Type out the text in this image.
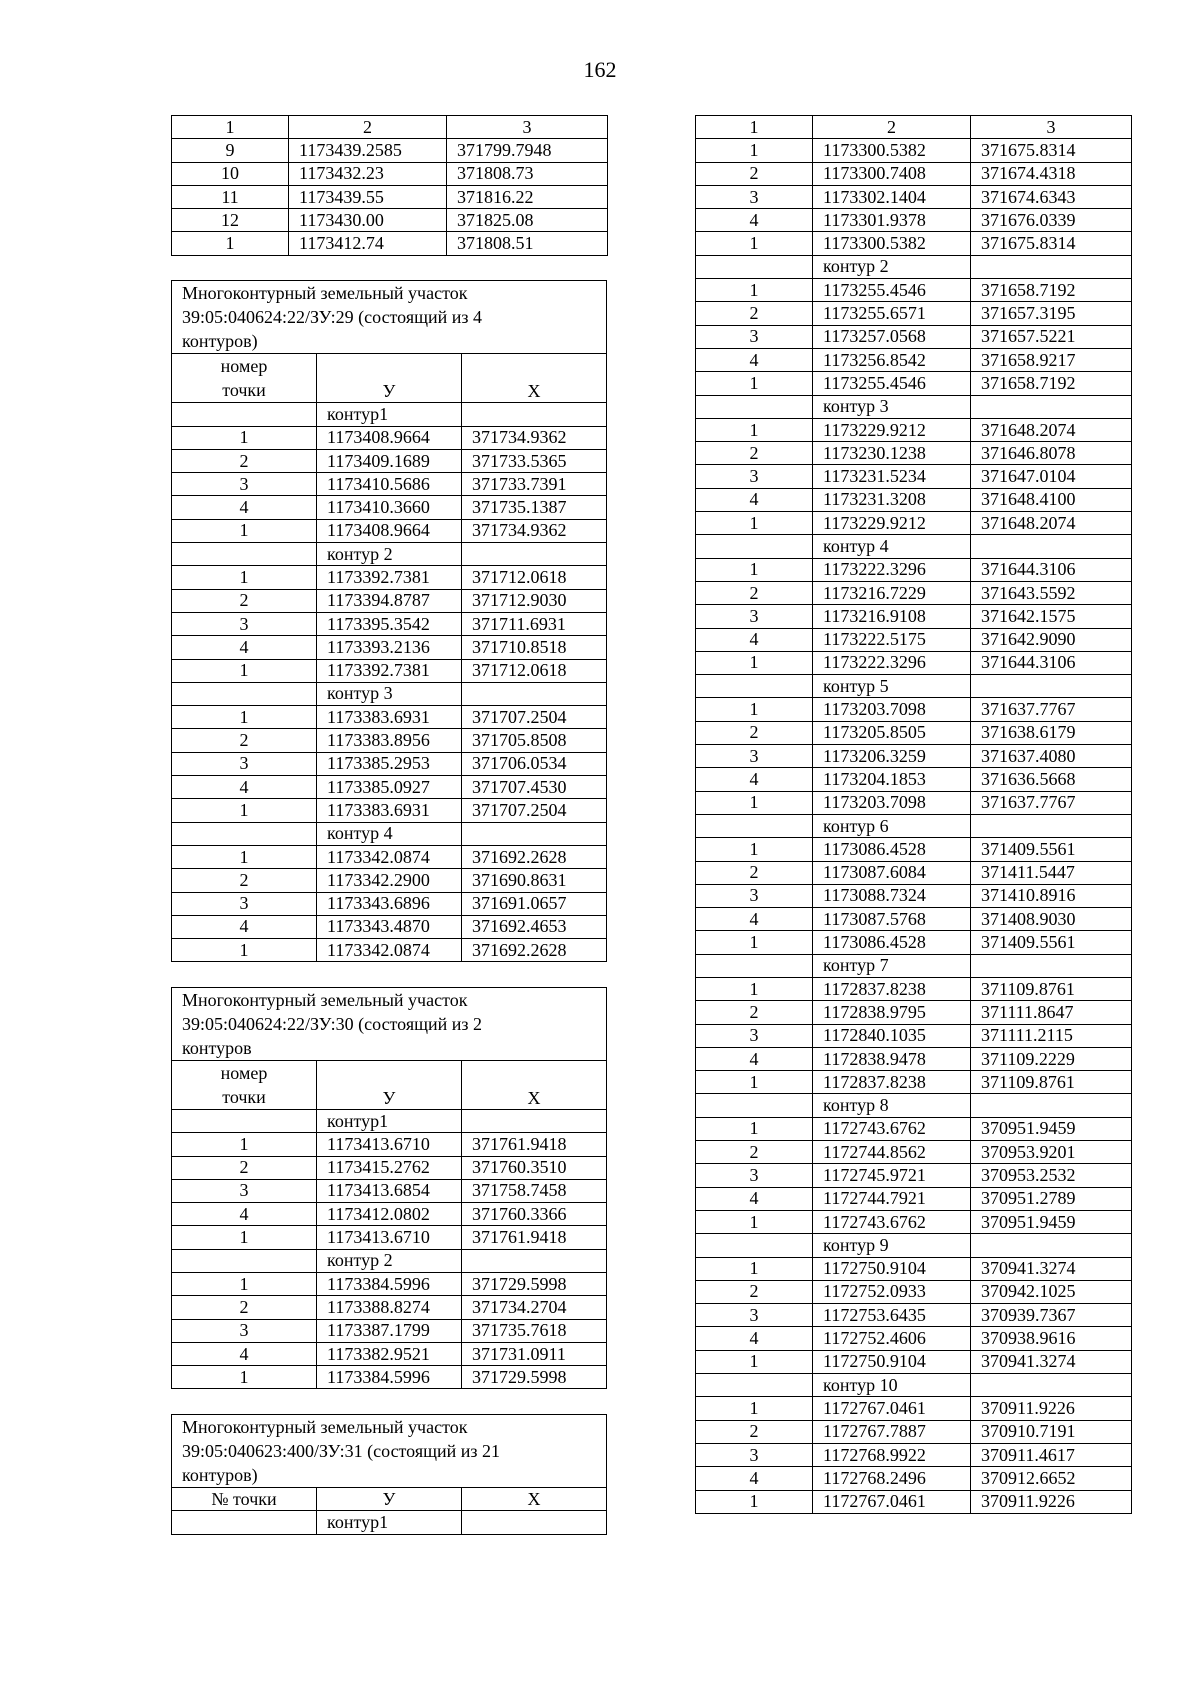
162
1	2	3
9	1173439.2585	371799.7948
10	1173432.23	371808.73
11	1173439.55	371816.22
12	1173430.00	371825.08
1	1173412.74	371808.51
Многоконтурный земельный участок
39:05:040624:22/ЗУ:29 (состоящий из 4
контуров)		

номер
точки	У	Х
	контур1	
1	1173408.9664	371734.9362
2	1173409.1689	371733.5365
3	1173410.5686	371733.7391
4	1173410.3660	371735.1387
1	1173408.9664	371734.9362
	контур 2	
1	1173392.7381	371712.0618
2	1173394.8787	371712.9030
3	1173395.3542	371711.6931
4	1173393.2136	371710.8518
1	1173392.7381	371712.0618
	контур 3	
1	1173383.6931	371707.2504
2	1173383.8956	371705.8508
3	1173385.2953	371706.0534
4	1173385.0927	371707.4530
1	1173383.6931	371707.2504
	контур 4	
1	1173342.0874	371692.2628
2	1173342.2900	371690.8631
3	1173343.6896	371691.0657
4	1173343.4870	371692.4653
1	1173342.0874	371692.2628
Многоконтурный земельный участок
39:05:040624:22/ЗУ:30 (состоящий из 2
контуров		

номер
точки	У	Х
	контур1	
1	1173413.6710	371761.9418
2	1173415.2762	371760.3510
3	1173413.6854	371758.7458
4	1173412.0802	371760.3366
1	1173413.6710	371761.9418
	контур 2	
1	1173384.5996	371729.5998
2	1173388.8274	371734.2704
3	1173387.1799	371735.7618
4	1173382.9521	371731.0911
1	1173384.5996	371729.5998
Многоконтурный земельный участок
39:05:040623:400/ЗУ:31 (состоящий из 21
контуров)		

№ точки	У	Х
	контур1	
1	2	3
1	1173300.5382	371675.8314
2	1173300.7408	371674.4318
3	1173302.1404	371674.6343
4	1173301.9378	371676.0339
1	1173300.5382	371675.8314
	контур 2	
1	1173255.4546	371658.7192
2	1173255.6571	371657.3195
3	1173257.0568	371657.5221
4	1173256.8542	371658.9217
1	1173255.4546	371658.7192
	контур 3	
1	1173229.9212	371648.2074
2	1173230.1238	371646.8078
3	1173231.5234	371647.0104
4	1173231.3208	371648.4100
1	1173229.9212	371648.2074
	контур 4	
1	1173222.3296	371644.3106
2	1173216.7229	371643.5592
3	1173216.9108	371642.1575
4	1173222.5175	371642.9090
1	1173222.3296	371644.3106
	контур 5	
1	1173203.7098	371637.7767
2	1173205.8505	371638.6179
3	1173206.3259	371637.4080
4	1173204.1853	371636.5668
1	1173203.7098	371637.7767
	контур 6	
1	1173086.4528	371409.5561
2	1173087.6084	371411.5447
3	1173088.7324	371410.8916
4	1173087.5768	371408.9030
1	1173086.4528	371409.5561
	контур 7	
1	1172837.8238	371109.8761
2	1172838.9795	371111.8647
3	1172840.1035	371111.2115
4	1172838.9478	371109.2229
1	1172837.8238	371109.8761
	контур 8	
1	1172743.6762	370951.9459
2	1172744.8562	370953.9201
3	1172745.9721	370953.2532
4	1172744.7921	370951.2789
1	1172743.6762	370951.9459
	контур 9	
1	1172750.9104	370941.3274
2	1172752.0933	370942.1025
3	1172753.6435	370939.7367
4	1172752.4606	370938.9616
1	1172750.9104	370941.3274
	контур 10	
1	1172767.0461	370911.9226
2	1172767.7887	370910.7191
3	1172768.9922	370911.4617
4	1172768.2496	370912.6652
1	1172767.0461	370911.9226
